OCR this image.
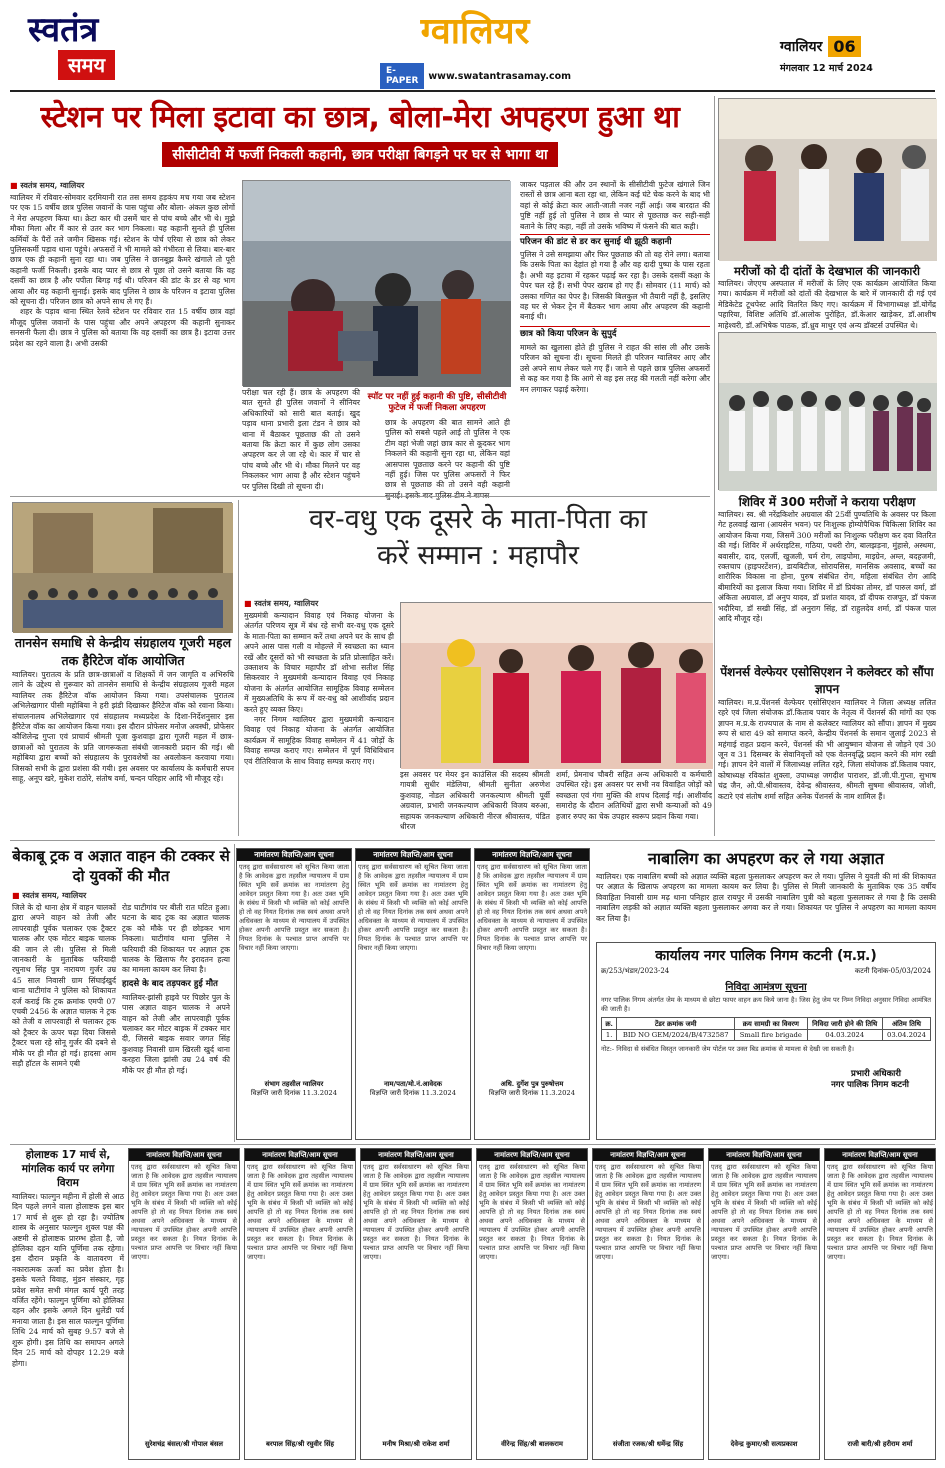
स्वतंत्र
समय
ग्वालियर
E-PAPER	www.swatantrasamay.com
ग्वालियर 06
मंगलवार 12 मार्च 2024
स्टेशन पर मिला इटावा का छात्र, बोला-मेरा अपहरण हुआ था
सीसीटीवी में फर्जी निकली कहानी, छात्र परीक्षा बिगड़ने पर घर से भागा था
■ स्वतंत्र समय, ग्वालियर
ग्वालियर में रविवार-सोमवार दरमियानी रात तस समय हड़कंप मच गया जब स्टेशन पर एक 15 वर्षीय छात्र पुलिस जवानों के पास पहुंचा और बोला- अंकल कुछ लोगों ने मेरा अपहरण किया था। क्रेटा कार थी उसमें चार से पांच बच्चे और भी थे। मुझे मौका मिला और मैं कार से उतर कर भाग निकला। यह कहानी सुनते ही पुलिस कर्मियों के पैरों तले जमीन खिसक गई। स्टेशन के पोर्च एरिया से छात्र को लेकर पुलिसकर्मी पड़ाव थाना पहुंचे। अफसरों ने भी मामले को गंभीरता से लिया। बार-बार छात्र एक ही कहानी सुना रहा था। जब पुलिस ने छानबूझ कैमरे खंगाले तो पूरी कहानी फर्जी निकली। इसके बाद प्यार से छात्र से पूछा तो उसने बताया कि वह दसवीं का छात्र है और पपीता बिगड़ गई थी। परिजन की डांट के डर से वह भाग आया और यह कहानी सुनाई। इसके बाद पुलिस ने छात्र के परिजन व इटावा पुलिस को सूचना दी। परिजन छात्र को अपने साथ ले गए हैं।
शहर के पड़ाव थाना स्थित रेलवे स्टेशन पर रविवार रात 15 वर्षीय छात्र वहां मौजूद पुलिस जवानों के पास पहुंचा और अपने अपहरण की कहानी सुनाकर सनसनी फैला दी। छात्र ने पुलिस को बताया कि वह दसवीं का छात्र है। इटावा उत्तर प्रदेश का रहने वाला है। अभी उसकी
परीक्षा चल रही हैं। छात्र के अपहरण की बात सुनते ही पुलिस जवानों ने सीनियर अधिकारियों को सारी बात बताई। खुद पड़ाव थाना प्रभारी इला टंडन ने छात्र को थाना में बैठाकर पूछताछ की तो उसने बताया कि क्रेटा कार में कुछ लोग उसका अपहरण कर ले जा रहे थे। कार में चार से पांच बच्चे और भी थे। मौका मिलने पर वह निकलकर भाग आया है और स्टेशन पहुंचने पर पुलिस दिखी तो सूचना दी।
स्पॉट पर नहीं हुई कहानी की पुष्टि, सीसीटीवी फुटेज में फर्जी निकला अपहरण
छात्र के अपहरण की बात सामने आते ही पुलिस को सबसे पहले आई तो पुलिस ने एक टीम वहां भेजी जहां छात्र कार से कूदकर भाग निकलने की कहानी सुना रहा था, लेकिन वहां आसपास पूछताछ करने पर कहानी की पुष्टि नहीं हुई। जिस पर पुलिस अफसरों ने फिर छात्र से पूछताछ की तो उसने वही कहानी
जाकर पड़ताल की और उन स्थानों के सीसीटीवी फुटेज खंगाले जिन रास्तों से छात्र आना बता रहा था, लेकिन कई घंटे चेक करने के बाद भी वहां से कोई क्रेटा कार आती-जाती नजर नहीं आई। जब बारदात की पुष्टि नहीं हुई तो पुलिस ने छात्र से प्यार से पूछताछ कर सही-सही बताने के लिए कहा, नहीं तो उसके भविष्य में फंसने की बात कही।
परिजन की डांट से डर कर सुनाई थी झूठी कहानी
पुलिस ने उसे समझाया और फिर पूछताछ की तो वह रोने लगा। बताया कि उसके पिता का देहांत हो गया है और वह दादी पुष्पा के पास रहता है। अभी वह इटावा में रहकर पढ़ाई कर रहा है। उसके दसवीं कक्षा के पेपर चल रहे हैं। सभी पेपर खराब हो गए हैं। सोमवार (11 मार्च) को उसका गणित का पेपर है। जिसकी बिलकुल भी तैयारी नहीं है, इसलिए वह घर से भेकर ट्रेन में बैठकर भाग आया और अपहरण की कहानी बनाई थी।
छात्र को किया परिजन के सुपुर्द
मामले का खुलासा होते ही पुलिस ने राहत की सांस ली और उसके परिजन को सूचना दी। सूचना मिलते ही परिजन ग्वालियर आए और उसे अपने साथ लेकर चले गए हैं। जाने से पहले छात्र पुलिस अफसरों से कह कर गया है कि आगे से वह इस तरह की गलती नहीं करेगा और मन लगाकर पढ़ाई करेगा।
मरीजों को दी दांतों के देखभाल की जानकारी
ग्वालियर। जेएएच अस्पताल में मरीजों के लिए एक कार्यक्रम आयोजित किया गया। कार्यक्रम में मरीजों को दांतों की देखभाल के बारे में जानकारी दी गई एवं मेडिकेटेड टूथपेस्ट आदि वितरित किए गए। कार्यक्रम में विभागाध्यक्ष डॉ.योगेंद्र पहारिया, विशिष्ट अतिथि डॉ.आलोक पुरोहित, डॉ.केआर खाड़ेकर, डॉ.आशीष माहेश्वरी, डॉ.अभिषेक पाठक, डॉ.ध्रुव माथुर एवं अन्य डॉक्टर्स उपस्थित थे।
शिविर में 300 मरीजों ने कराया परीक्षण
ग्वालियर। स्व. श्री नरेंद्रकिशोर अग्रवाल की 25वीं पुण्यतिथि के अवसर पर किला गेट हलवाई खाना (आयसेन भवन) पर निःशुल्क होम्योपैथिक चिकित्सा शिविर का आयोजन किया गया, जिसमें 300 मरीजों का निःशुल्क परीक्षण कर दवा वितरित की गई। शिविर में अर्थराइटिस, गठिया, पथरी रोग, बालझड़ना, मुंहासे, अस्थमा, बवासीर, दाद, एलर्जी, खुजली, चर्म रोग, लाइपोमा, माइग्रेन, अम्ल, बदहजमी, रक्तचाप (हाइपरटेंशन), डायबिटीज, सोरायसिस, मानसिक अवसाद, बच्चों का शारीरिक विकास ना होना, पुरुष संबंधित रोग, महिला संबंधित रोग आदि बीमारियों का इलाज किया गया। शिविर में डॉ प्रियंका तोमर, डॉ पारुल वर्मा, डॉ अंकिता अग्रवाल, डॉ अनुप यादव, डॉ प्रशांत यादव, डॉ दीपक राजपूत, डॉ पंकज भदौरिया, डॉ सखी सिंह, डॉ अनुराग सिंह, डॉ राहुलदेव शर्मा, डॉ पंकज पाल आदि मौजूद रहे।
पेंशनर्स वेल्फेयर एसोसिएशन ने कलेक्टर को सौंपा ज्ञापन
ग्वालियर। म.प्र.पेंशनर्स वेल्फेयर एसोसिएशन ग्वालियर ने जिला अध्यक्ष ललित रहरे एवं जिला संयोजक डॉ.किताब पवार के नेतृत्व में पेंशनर्स की मांगों का एक ज्ञापन म.प्र.के राज्यपाल के नाम से कलेक्टर ग्वालियर को सौंपा। ज्ञापन में मुख्य रूप से धारा 49 को समाप्त करने, केन्द्रीय पेंशनर्स के समान जुलाई 2023 से महंगाई राहत प्रदान करने, पेंशनर्स की भी आयुष्मान योजना से जोड़ने एवं 30 जून व 31 दिसम्बर के सेवानिवृत्तों को एक वेतनवृद्धि प्रदान करने की मांग रखी गई। ज्ञापन देने वालों में जिलाध्यक्ष ललित रहरे, जिला संयोजक डॉ.किताब पवार, कोषाध्यक्ष रविकांत शुक्ला, उपाध्यक्ष जगदीश पाराशर, डॉ.जी.पी.गुप्ता, सुभाष चंद्र जैन, ओ.पी.श्रीवास्तव, देवेन्द्र श्रीवास्तव, श्रीमती सुषमा श्रीवास्तव, जोशी, कटारे एवं संतोष शर्मा सहित अनेक पेंशनर्स के नाम शामिल हैं।
तानसेन समाधि से केन्द्रीय संग्रहालय गूजरी महल तक हैरिटेज वॉक आयोजित
ग्वालियर। पुरातत्व के प्रति छात्र-छात्राओं व शिक्षकों में जन जागृति व अभिरुचि लाने के उद्देश्य से गुरूवार को तानसेन समाधि से केन्द्रीय संग्रहालय गूजरी महल ग्वालियर तक हैरिटेज वॉक आयोजन किया गया। उपसंचालक पुरातत्व अभिलेखागार पीसी महोबिया ने हरी झंडी दिखाकर हैरिटेज वॉक को रवाना किया। संचालनालय अभिलेखागार एवं संग्रहालय मध्यप्रदेश के दिशा-निर्देशनुसार इस हैरिटेज वॉक का आयोजन किया गया। इस दौरान प्रोफेसर मनोज अवस्थी, प्रोफेसर कौशिलेन्द्र गुप्ता एवं प्राचार्य श्रीमती पूजा कुशवाहा द्वारा गूजरी महल में छात्र-छात्राओं को पुरातत्व के प्रति जागरूकता संबंधी जानकारी प्रदान की गई। श्री महोबिया द्वारा बच्चों को संग्रहालय के पुरावशेषों का अवलोकन करवाया गया। जिसको सभी के द्वारा प्रशंसा की गयी। इस अवसर पर कार्यालय के कर्मचारी सपन साहू, अनूप खरे, मुकेश राठोरे, संतोष वर्मा, चन्दन परिहार आदि भी मौजूद रहे।
वर-वधु एक दूसरे के माता-पिता का करें सम्मान : महापौर
■ स्वतंत्र समय, ग्वालियर
मुख्यमंत्री कन्यादान विवाह एवं निकाह योजना के अंतर्गत परिणय सूत्र में बंध रहे सभी वर-वधु एक दूसरे के माता-पिता का सम्मान करें तथा अपने घर के साथ ही अपने आस पास गली व मोहल्ले में स्वच्छता का ध्यान रखें और दूसरों को भी स्वच्छता के प्रति प्रोत्साहित करें। उक्ताशय के विचार महापौर डॉ शोभा सतीश सिंह सिकरवार ने मुख्यमंत्री कन्यादान विवाह एवं निकाह योजना के अंतर्गत आयोजित सामूहिक विवाह सम्मेलन में मुख्यअतिथि के रूप में वर-वधु को आशीर्वाद प्रदान करते हुए व्यक्त किए।
नगर निगम ग्वालियर द्वारा मुख्यमंत्री कन्यादान विवाह एवं निकाह योजना के अंतर्गत आयोजित कार्यक्रम में सामूहिक विवाह सम्मेलन में 41 जोड़ों के विवाह सम्पन्न कराए गए। सम्मेलन में पूर्ण विधिविधान एवं रीतिरिवाज के साथ विवाह सम्पन्न कराए गए।
इस अवसर पर मेयर इन काउंसिल की सदस्य श्रीमती गायत्री सुधीर मंडेलिया, श्रीमती सुनीता अरुणेश कुशवाह, नोडल अधिकारी जनकल्याण श्रीमती पूर्वी अग्रवाल, प्रभारी जनकल्याण अधिकारी विजय बरुआ, सहायक जनकल्याण अधिकारी नीरज श्रीवास्तव, पंडित धीरज
शर्मा, प्रेमनाथ चौबरी सहित अन्य अधिकारी व कर्मचारी उपस्थित रहे। इस अवसर पर सभी नव विवाहित जोड़ों को स्वच्छता एवं गंगा मुक्ति की शपथ दिलाई गई। आशीर्वाद समारोह के दौरान अतिथियों द्वारा सभी कन्याओं को 49 हजार रुपए का चेक उपहार स्वरूप प्रदान किया गया।
बेकाबू ट्रक व अज्ञात वाहन की टक्कर से दो युवकों की मौत
■ स्वतंत्र समय, ग्वालियर
जिले के दो थाना क्षेत्र में वाहन चालकों द्वारा अपने वाहन को तेजी और लापरवाही पूर्वक चलाकर एक ट्रैक्टर चालक और एक मोटर बाइक चालक की जान ले ली। पुलिस से मिली जानकारी के मुताबिक फरियादी रघुनाथ सिंह पुत्र नारायण गुर्जर उम्र 45 साल निवासी ग्राम सिंघाईखुर्द थाना घाटीगांव ने पुलिस को शिकायत दर्ज कराई कि ट्रक क्रमांक एमपी 07 एचबी 2456 के अज्ञात चालक ने ट्रक को तेजी व लापरवाही से चलाकर ट्रक को ट्रैक्टर के ऊपर चढ़ा दिया जिससे ट्रैक्टर चला रहे सोनू गुर्जर की दबने से मौके पर ही मौत हो गई। हादसा आम सड़ौ हॉटल के सामने एबी
रोड घाटीगांव पर बीती रात घटित हुआ। घटना के बाद ट्रक का अज्ञात चालक ट्रक को मौके पर ही छोड़कर भाग निकला। घाटीगांव थाना पुलिस ने फरियादी की शिकायत पर अज्ञात ट्रक चालक के खिलाफ गैर इरादतन हत्या का मामला कायम कर लिया है।
हादसे के बाद तड़पकर हुई मौत
ग्वालियर-झांसी हाइवे पर पिछोर पुल के पास अज्ञात वाहन चालक ने अपने वाहन को तेजी और लापरवाही पूर्वक चलाकर कर मोटर बाइक में टक्कर मार दी, जिससे बाइक सवार जगत सिंह कुशवाह निवासी ग्राम खिरली खुर्द थाना करहरा जिला झांसी उम्र 24 वर्ष की मौके पर ही मौत हो गई।
नामांतरण विज्ञप्ति/आम सूचना
एतद् द्वारा सर्वसाधारण को सूचित किया जाता है कि आवेदक द्वारा तहसील न्यायालय में ग्राम स्थित भूमि सर्वे क्रमांक का नामांतरण हेतु आवेदन प्रस्तुत किया गया है। अतः उक्त भूमि के संबंध में किसी भी व्यक्ति को कोई आपत्ति हो तो वह नियत दिनांक तक स्वयं अथवा अपने अधिवक्ता के माध्यम से न्यायालय में उपस्थित होकर अपनी आपत्ति प्रस्तुत कर सकता है। नियत दिनांक के पश्चात प्राप्त आपत्ति पर विचार नहीं किया जाएगा।
संभाग तहसील ग्वालियर
विज्ञप्ति जारी दिनांक 11.3.2024
नामांतरण विज्ञप्ति/आम सूचना
एतद् द्वारा सर्वसाधारण को सूचित किया जाता है कि आवेदक द्वारा तहसील न्यायालय में ग्राम स्थित भूमि सर्वे क्रमांक का नामांतरण हेतु आवेदन प्रस्तुत किया गया है। अतः उक्त भूमि के संबंध में किसी भी व्यक्ति को कोई आपत्ति हो तो वह नियत दिनांक तक स्वयं अथवा अपने अधिवक्ता के माध्यम से न्यायालय में उपस्थित होकर अपनी आपत्ति प्रस्तुत कर सकता है। नियत दिनांक के पश्चात प्राप्त आपत्ति पर विचार नहीं किया जाएगा।
नाम/पता/मो.नं.आवेदक
विज्ञप्ति जारी दिनांक 11.3.2024
नामांतरण विज्ञप्ति/आम सूचना
एतद् द्वारा सर्वसाधारण को सूचित किया जाता है कि आवेदक द्वारा तहसील न्यायालय में ग्राम स्थित भूमि सर्वे क्रमांक का नामांतरण हेतु आवेदन प्रस्तुत किया गया है। अतः उक्त भूमि के संबंध में किसी भी व्यक्ति को कोई आपत्ति हो तो वह नियत दिनांक तक स्वयं अथवा अपने अधिवक्ता के माध्यम से न्यायालय में उपस्थित होकर अपनी आपत्ति प्रस्तुत कर सकता है। नियत दिनांक के पश्चात प्राप्त आपत्ति पर विचार नहीं किया जाएगा।
अधि. दुर्गेश पुत्र पुरुषोत्तम
विज्ञप्ति जारी दिनांक 11.3.2024
नाबालिग का अपहरण कर ले गया अज्ञात
ग्वालियर। एक नाबालिग बच्ची को अज्ञात व्यक्ति बहला फुसलाकर अपहरण कर ले गया। पुलिस ने युवती की मां की शिकायत पर अज्ञात के खिलाफ अपहरण का मामला कायम कर लिया है। पुलिस से मिली जानकारी के मुताबिक एक 35 वर्षीय विवाहिता निवासी ग्राम मढ़ थाना पनिहार हाल रायपुर में उसकी नाबालिग पुत्री को बहला फुसलाकर ले गया है कि उसकी नाबालिग लड़की को अज्ञात व्यक्ति बहला फुसलाकर अगवा कर ले गया। शिकायत पर पुलिस ने अपहरण का मामला कायम कर लिया है।
कार्यालय नगर पालिक निगम कटनी (म.प्र.)
क्र/253/भंडार/2023-24	कटनी दिनांक-05/03/2024
निविदा आमंत्रण सूचना
नगर पालिक निगम अंतर्गत जेम के माध्यम से छोटा फायर वाहन क्रय किये जाना है। जिस हेतु जेम पर निम्न निविदा अनुसार निविदा आमंत्रित की जाती है।
क्र.	टेंडर क्रमांक जमी	क्रय सामग्री का विवरण	निविदा जारी होने की तिथि	अंतिम तिथि
1.	BID NO GEM/2024/B/4732587	Small fire brigade	04.03.2024	03.04.2024
नोट:- निविदा से संबंधित विस्तृत जानकारी जेम पोर्टल पर उक्त बिड क्रमांक से मामला से देखी जा सकती है।
प्रभारी अधिकारी
नगर पालिक निगम कटनी
होलाष्टक 17 मार्च से, मांगलिक कार्य पर लगेगा विराम
ग्वालियर। फाल्गुन महीना में होली से आठ दिन पहले लगने वाला होलाष्टक इस बार 17 मार्च से शुरू हो रहा है। ज्योतिष शास्त्र के अनुसार फाल्गुन शुक्ल पक्ष की अष्टमी से होलाष्टक प्रारम्भ होता है, जो होलिका दहन यानि पूर्णिमा तक रहेगा। इस दौरान प्रकृति के वातावरण में नकारात्मक ऊर्जा का प्रवेश होता है। इसके चलते विवाह, मुंडन संस्कार, गृह प्रवेश समेत सभी मंगल कार्य पूरी तरह वर्जित रहेंगे। फाल्गुन पूर्णिमा को होलिका दहन और इसके अगले दिन धुलेंडी पर्व मनाया जाता है। इस साल फाल्गुन पूर्णिमा तिथि 24 मार्च को सुबह 9.57 बजे से शुरू होगी। इस तिथि का समापन अगले दिन 25 मार्च को दोपहर 12.29 बजे होगा।
नामांतरण विज्ञप्ति/आम सूचना
एतद् द्वारा सर्वसाधारण को सूचित किया जाता है कि आवेदक द्वारा तहसील न्यायालय में ग्राम स्थित भूमि सर्वे क्रमांक का नामांतरण हेतु आवेदन प्रस्तुत किया गया है। अतः उक्त भूमि के संबंध में किसी भी व्यक्ति को कोई आपत्ति हो तो वह नियत दिनांक तक स्वयं अथवा अपने अधिवक्ता के माध्यम से न्यायालय में उपस्थित होकर अपनी आपत्ति प्रस्तुत कर सकता है। नियत दिनांक के पश्चात प्राप्त आपत्ति पर विचार नहीं किया जाएगा।
सुरेशचंद्र बंसल/श्री गोपाल बंसल
नामांतरण विज्ञप्ति/आम सूचना
एतद् द्वारा सर्वसाधारण को सूचित किया जाता है कि आवेदक द्वारा तहसील न्यायालय में ग्राम स्थित भूमि सर्वे क्रमांक का नामांतरण हेतु आवेदन प्रस्तुत किया गया है। अतः उक्त भूमि के संबंध में किसी भी व्यक्ति को कोई आपत्ति हो तो वह नियत दिनांक तक स्वयं अथवा अपने अधिवक्ता के माध्यम से न्यायालय में उपस्थित होकर अपनी आपत्ति प्रस्तुत कर सकता है। नियत दिनांक के पश्चात प्राप्त आपत्ति पर विचार नहीं किया जाएगा।
बरपाल सिंह/श्री रघुवीर सिंह
नामांतरण विज्ञप्ति/आम सूचना
एतद् द्वारा सर्वसाधारण को सूचित किया जाता है कि आवेदक द्वारा तहसील न्यायालय में ग्राम स्थित भूमि सर्वे क्रमांक का नामांतरण हेतु आवेदन प्रस्तुत किया गया है। अतः उक्त भूमि के संबंध में किसी भी व्यक्ति को कोई आपत्ति हो तो वह नियत दिनांक तक स्वयं अथवा अपने अधिवक्ता के माध्यम से न्यायालय में उपस्थित होकर अपनी आपत्ति प्रस्तुत कर सकता है। नियत दिनांक के पश्चात प्राप्त आपत्ति पर विचार नहीं किया जाएगा।
मनीष मिश्रा/श्री राकेश शर्मा
नामांतरण विज्ञप्ति/आम सूचना
एतद् द्वारा सर्वसाधारण को सूचित किया जाता है कि आवेदक द्वारा तहसील न्यायालय में ग्राम स्थित भूमि सर्वे क्रमांक का नामांतरण हेतु आवेदन प्रस्तुत किया गया है। अतः उक्त भूमि के संबंध में किसी भी व्यक्ति को कोई आपत्ति हो तो वह नियत दिनांक तक स्वयं अथवा अपने अधिवक्ता के माध्यम से न्यायालय में उपस्थित होकर अपनी आपत्ति प्रस्तुत कर सकता है। नियत दिनांक के पश्चात प्राप्त आपत्ति पर विचार नहीं किया जाएगा।
वीरेन्द्र सिंह/श्री बालकराम
नामांतरण विज्ञप्ति/आम सूचना
एतद् द्वारा सर्वसाधारण को सूचित किया जाता है कि आवेदक द्वारा तहसील न्यायालय में ग्राम स्थित भूमि सर्वे क्रमांक का नामांतरण हेतु आवेदन प्रस्तुत किया गया है। अतः उक्त भूमि के संबंध में किसी भी व्यक्ति को कोई आपत्ति हो तो वह नियत दिनांक तक स्वयं अथवा अपने अधिवक्ता के माध्यम से न्यायालय में उपस्थित होकर अपनी आपत्ति प्रस्तुत कर सकता है। नियत दिनांक के पश्चात प्राप्त आपत्ति पर विचार नहीं किया जाएगा।
संजीता रजक/श्री धर्मेन्द्र सिंह
नामांतरण विज्ञप्ति/आम सूचना
एतद् द्वारा सर्वसाधारण को सूचित किया जाता है कि आवेदक द्वारा तहसील न्यायालय में ग्राम स्थित भूमि सर्वे क्रमांक का नामांतरण हेतु आवेदन प्रस्तुत किया गया है। अतः उक्त भूमि के संबंध में किसी भी व्यक्ति को कोई आपत्ति हो तो वह नियत दिनांक तक स्वयं अथवा अपने अधिवक्ता के माध्यम से न्यायालय में उपस्थित होकर अपनी आपत्ति प्रस्तुत कर सकता है। नियत दिनांक के पश्चात प्राप्त आपत्ति पर विचार नहीं किया जाएगा।
देवेन्द्र कुमार/श्री सत्यप्रकाश
नामांतरण विज्ञप्ति/आम सूचना
एतद् द्वारा सर्वसाधारण को सूचित किया जाता है कि आवेदक द्वारा तहसील न्यायालय में ग्राम स्थित भूमि सर्वे क्रमांक का नामांतरण हेतु आवेदन प्रस्तुत किया गया है। अतः उक्त भूमि के संबंध में किसी भी व्यक्ति को कोई आपत्ति हो तो वह नियत दिनांक तक स्वयं अथवा अपने अधिवक्ता के माध्यम से न्यायालय में उपस्थित होकर अपनी आपत्ति प्रस्तुत कर सकता है। नियत दिनांक के पश्चात प्राप्त आपत्ति पर विचार नहीं किया जाएगा।
राजी बारी/श्री हरीराम शर्मा
